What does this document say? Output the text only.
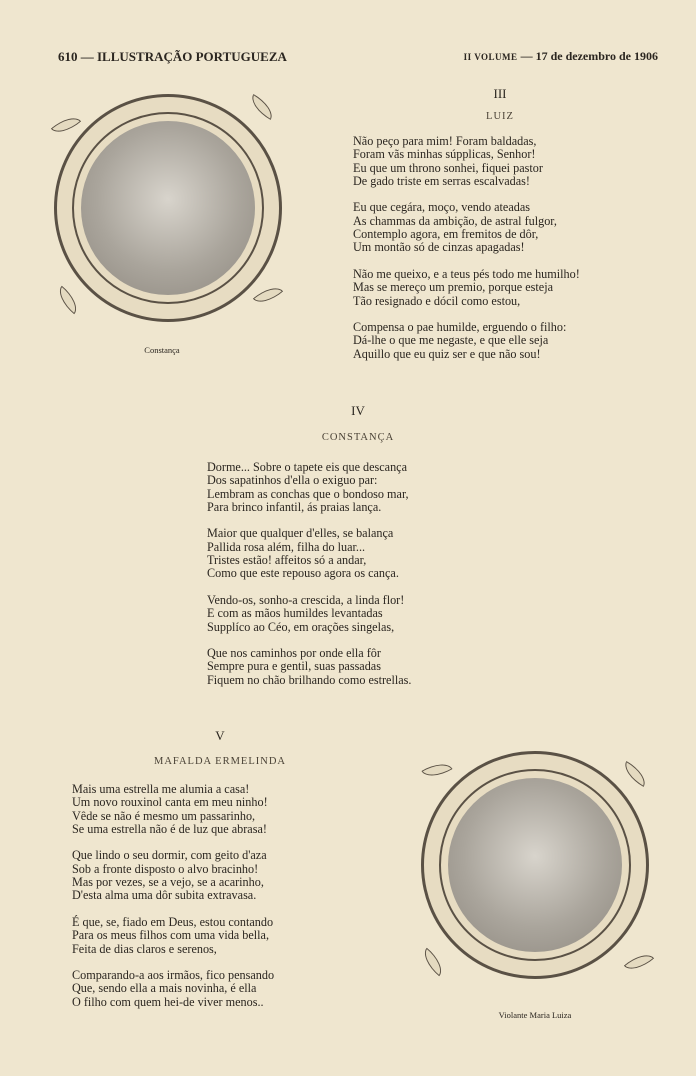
610 — ILLUSTRAÇÃO PORTUGUEZA	II VOLUME — 17 de dezembro de 1906
Constança
III
LUIZ
Não peço para mim! Foram baldadas,
Foram vãs minhas súpplicas, Senhor!
Eu que um throno sonhei, fiquei pastor
De gado triste em serras escalvadas!
Eu que cegára, moço, vendo ateadas
As chammas da ambição, de astral fulgor,
Contemplo agora, em fremitos de dôr,
Um montão só de cinzas apagadas!
Não me queixo, e a teus pés todo me humilho!
Mas se mereço um premio, porque esteja
Tão resignado e dócil como estou,
Compensa o pae humilde, erguendo o filho:
Dá-lhe o que me negaste, e que elle seja
Aquillo que eu quiz ser e que não sou!
IV
CONSTANÇA
Dorme... Sobre o tapete eis que descança
Dos sapatinhos d'ella o exiguo par:
Lembram as conchas que o bondoso mar,
Para brinco infantil, ás praias lança.
Maior que qualquer d'elles, se balança
Pallida rosa além, filha do luar...
Tristes estão! affeitos só a andar,
Como que este repouso agora os cança.
Vendo-os, sonho-a crescida, a linda flor!
E com as mãos humildes levantadas
Supplíco ao Céo, em orações singelas,
Que nos caminhos por onde ella fôr
Sempre pura e gentil, suas passadas
Fiquem no chão brilhando como estrellas.
V
MAFALDA ERMELINDA
Mais uma estrella me alumia a casa!
Um novo rouxinol canta em meu ninho!
Vêde se não é mesmo um passarinho,
Se uma estrella não é de luz que abrasa!
Que lindo o seu dormir, com geito d'aza
Sob a fronte disposto o alvo bracinho!
Mas por vezes, se a vejo, se a acarinho,
D'esta alma uma dôr subita extravasa.
É que, se, fiado em Deus, estou contando
Para os meus filhos com uma vida bella,
Feita de dias claros e serenos,
Comparando-a aos irmãos, fico pensando
Que, sendo ella a mais novinha, é ella
O filho com quem hei-de viver menos..
Violante Maria Luiza
